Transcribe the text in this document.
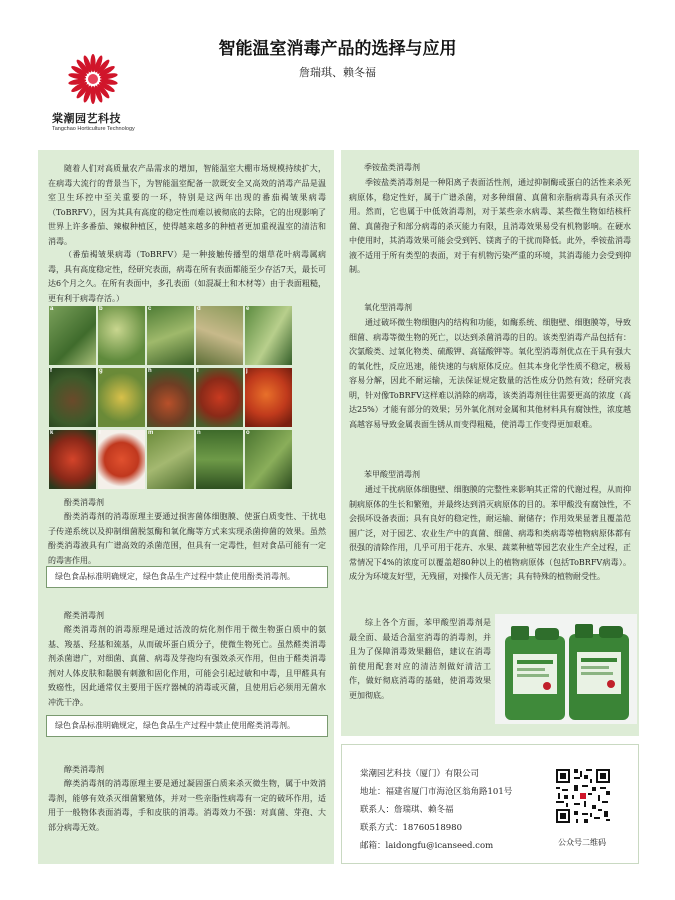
棠潮园艺科技
Tangchao Horticulture Technology
智能温室消毒产品的选择与应用
詹瑞琪、赖冬福

随着人们对高质量农产品需求的增加，智能温室大棚市场规模持续扩大，在病毒大流行的背景当下，为智能温室配备一款既安全又高效的消毒产品是温室卫生环控中至关重要的一环，特别是这两年出现的番茄褐皱果病毒（ToBRFV），因为其具有高度的稳定性而难以被彻底的去除，它的出现影响了世界上许多番茄、辣椒种植区，使得越来越多的种植者更加重视温室的清洁和消毒。

（番茄褐皱果病毒（ToBRFV）是一种接触传播型的烟草花叶病毒属病毒，具有高度稳定性，经研究表面，病毒在所有表面都能至少存活7天，最长可达6个月之久。在所有表面中，多孔表面（如混凝土和木材等）由于表面粗糙，更有利于病毒存活。）

a	b	c	d	e
f	g	h	i	j
k	l	m	n	o
酚类消毒剂

酚类消毒剂的消毒原理主要通过损害菌体细胞膜、使蛋白质变性、干扰电子传递系统以及抑制细菌脱氢酶和氧化酶等方式来实现杀菌抑菌的效果。虽然酚类消毒液具有广谱高效的杀菌范围，但具有一定毒性，但对食品可能有一定的毒害作用。

绿色食品标准明确规定，绿色食品生产过程中禁止使用酚类消毒剂。
醛类消毒剂

醛类消毒剂的消毒原理是通过活泼的烷化剂作用于微生物蛋白质中的氨基、羧基、羟基和巯基，从而破坏蛋白质分子，使微生物死亡。虽然醛类消毒剂杀菌谱广，对细菌、真菌、病毒及芽孢均有强效杀灭作用，但由于醛类消毒剂对人体皮肤和黏膜有刺激和固化作用，可能会引起过敏和中毒，且甲醛具有致癌性，因此通常仅主要用于医疗器械的消毒或灭菌，且使用后必须用无菌水冲洗干净。

绿色食品标准明确规定，绿色食品生产过程中禁止使用醛类消毒剂。
醇类消毒剂

醇类消毒剂的消毒原理主要是通过凝固蛋白质来杀灭微生物，属于中效消毒剂，能够有效杀灭细菌繁殖体，并对一些亲脂性病毒有一定的破坏作用，适用于一般物体表面消毒，手和皮肤的消毒。消毒效力不强：对真菌、芽孢、大部分病毒无效。

季铵盐类消毒剂

季铵盐类消毒剂是一种阳离子表面活性剂，通过抑制酶或蛋白的活性来杀死病原体，稳定性好，属于广谱杀菌，对多种细菌、真菌和亲脂病毒具有杀灭作用。然而，它也属于中低效消毒剂，对于某些亲水病毒、某些微生物如结核杆菌、真菌孢子和部分病毒的杀灭能力有限，且消毒效果易受有机物影响。在硬水中使用时，其消毒效果可能会受到钙、镁离子的干扰而降低。此外，季铵盐消毒液不适用于所有类型的表面，对于有机物污染严重的环境，其消毒能力会受到抑制。

氧化型消毒剂

通过破坏微生物细胞内的结构和功能，如酶系统、细胞壁、细胞膜等，导致细菌、病毒等微生物的死亡，以达到杀菌消毒的目的。该类型消毒产品包括有：次氯酸类、过氧化物类、硫酸钾、高锰酸钾等。氧化型消毒剂优点在于具有强大的氧化性，反应迅速，能快速的与病原体反应。但其本身化学性质不稳定，极易容易分解，因此不耐运输，无法保证规定数量的活性成分仍然有效；经研究表明，针对像ToBRFV这样难以消除的病毒，该类消毒剂往往需要更高的浓度（高达25%）才能有部分的效果；另外氧化剂对金属和其他材料具有腐蚀性，浓度越高越容易导致金属表面生锈从而变得粗糙，使消毒工作变得更加艰难。

苯甲酸型消毒剂

通过干扰病原体细胞壁、细胞膜的完整性来影响其正常的代谢过程，从而抑制病原体的生长和繁殖，并最终达到消灭病原体的目的。苯甲酸没有腐蚀性，不会损坏设备表面；具有良好的稳定性，耐运输、耐储存；作用效果显著且覆盖范围广泛，对于园艺、农业生产中的真菌、细菌、病毒和类病毒等植物病原体都有很强的清除作用，几乎可用于花卉、水果、蔬菜种植等园艺农业生产全过程，正常情况下4%的浓度可以覆盖超80种以上的植物病原体（包括ToBRFV病毒）。成分为环境友好型，无残留，对操作人员无害；具有特殊的植物耐受性。

综上各个方面，苯甲酸型消毒剂是最全面、最适合温室消毒的消毒剂，并且为了保障消毒效果翻倍，建议在消毒前使用配套对应的清洁剂做好清洁工作，做好彻底消毒的基础，使消毒效果更加彻底。

棠潮园艺科技（厦门）有限公司
地址：福建省厦门市海沧区翁角路101号
联系人：詹瑞琪、赖冬福
联系方式：18760518980
邮箱：laidongfu@icanseed.com	公众号二维码
